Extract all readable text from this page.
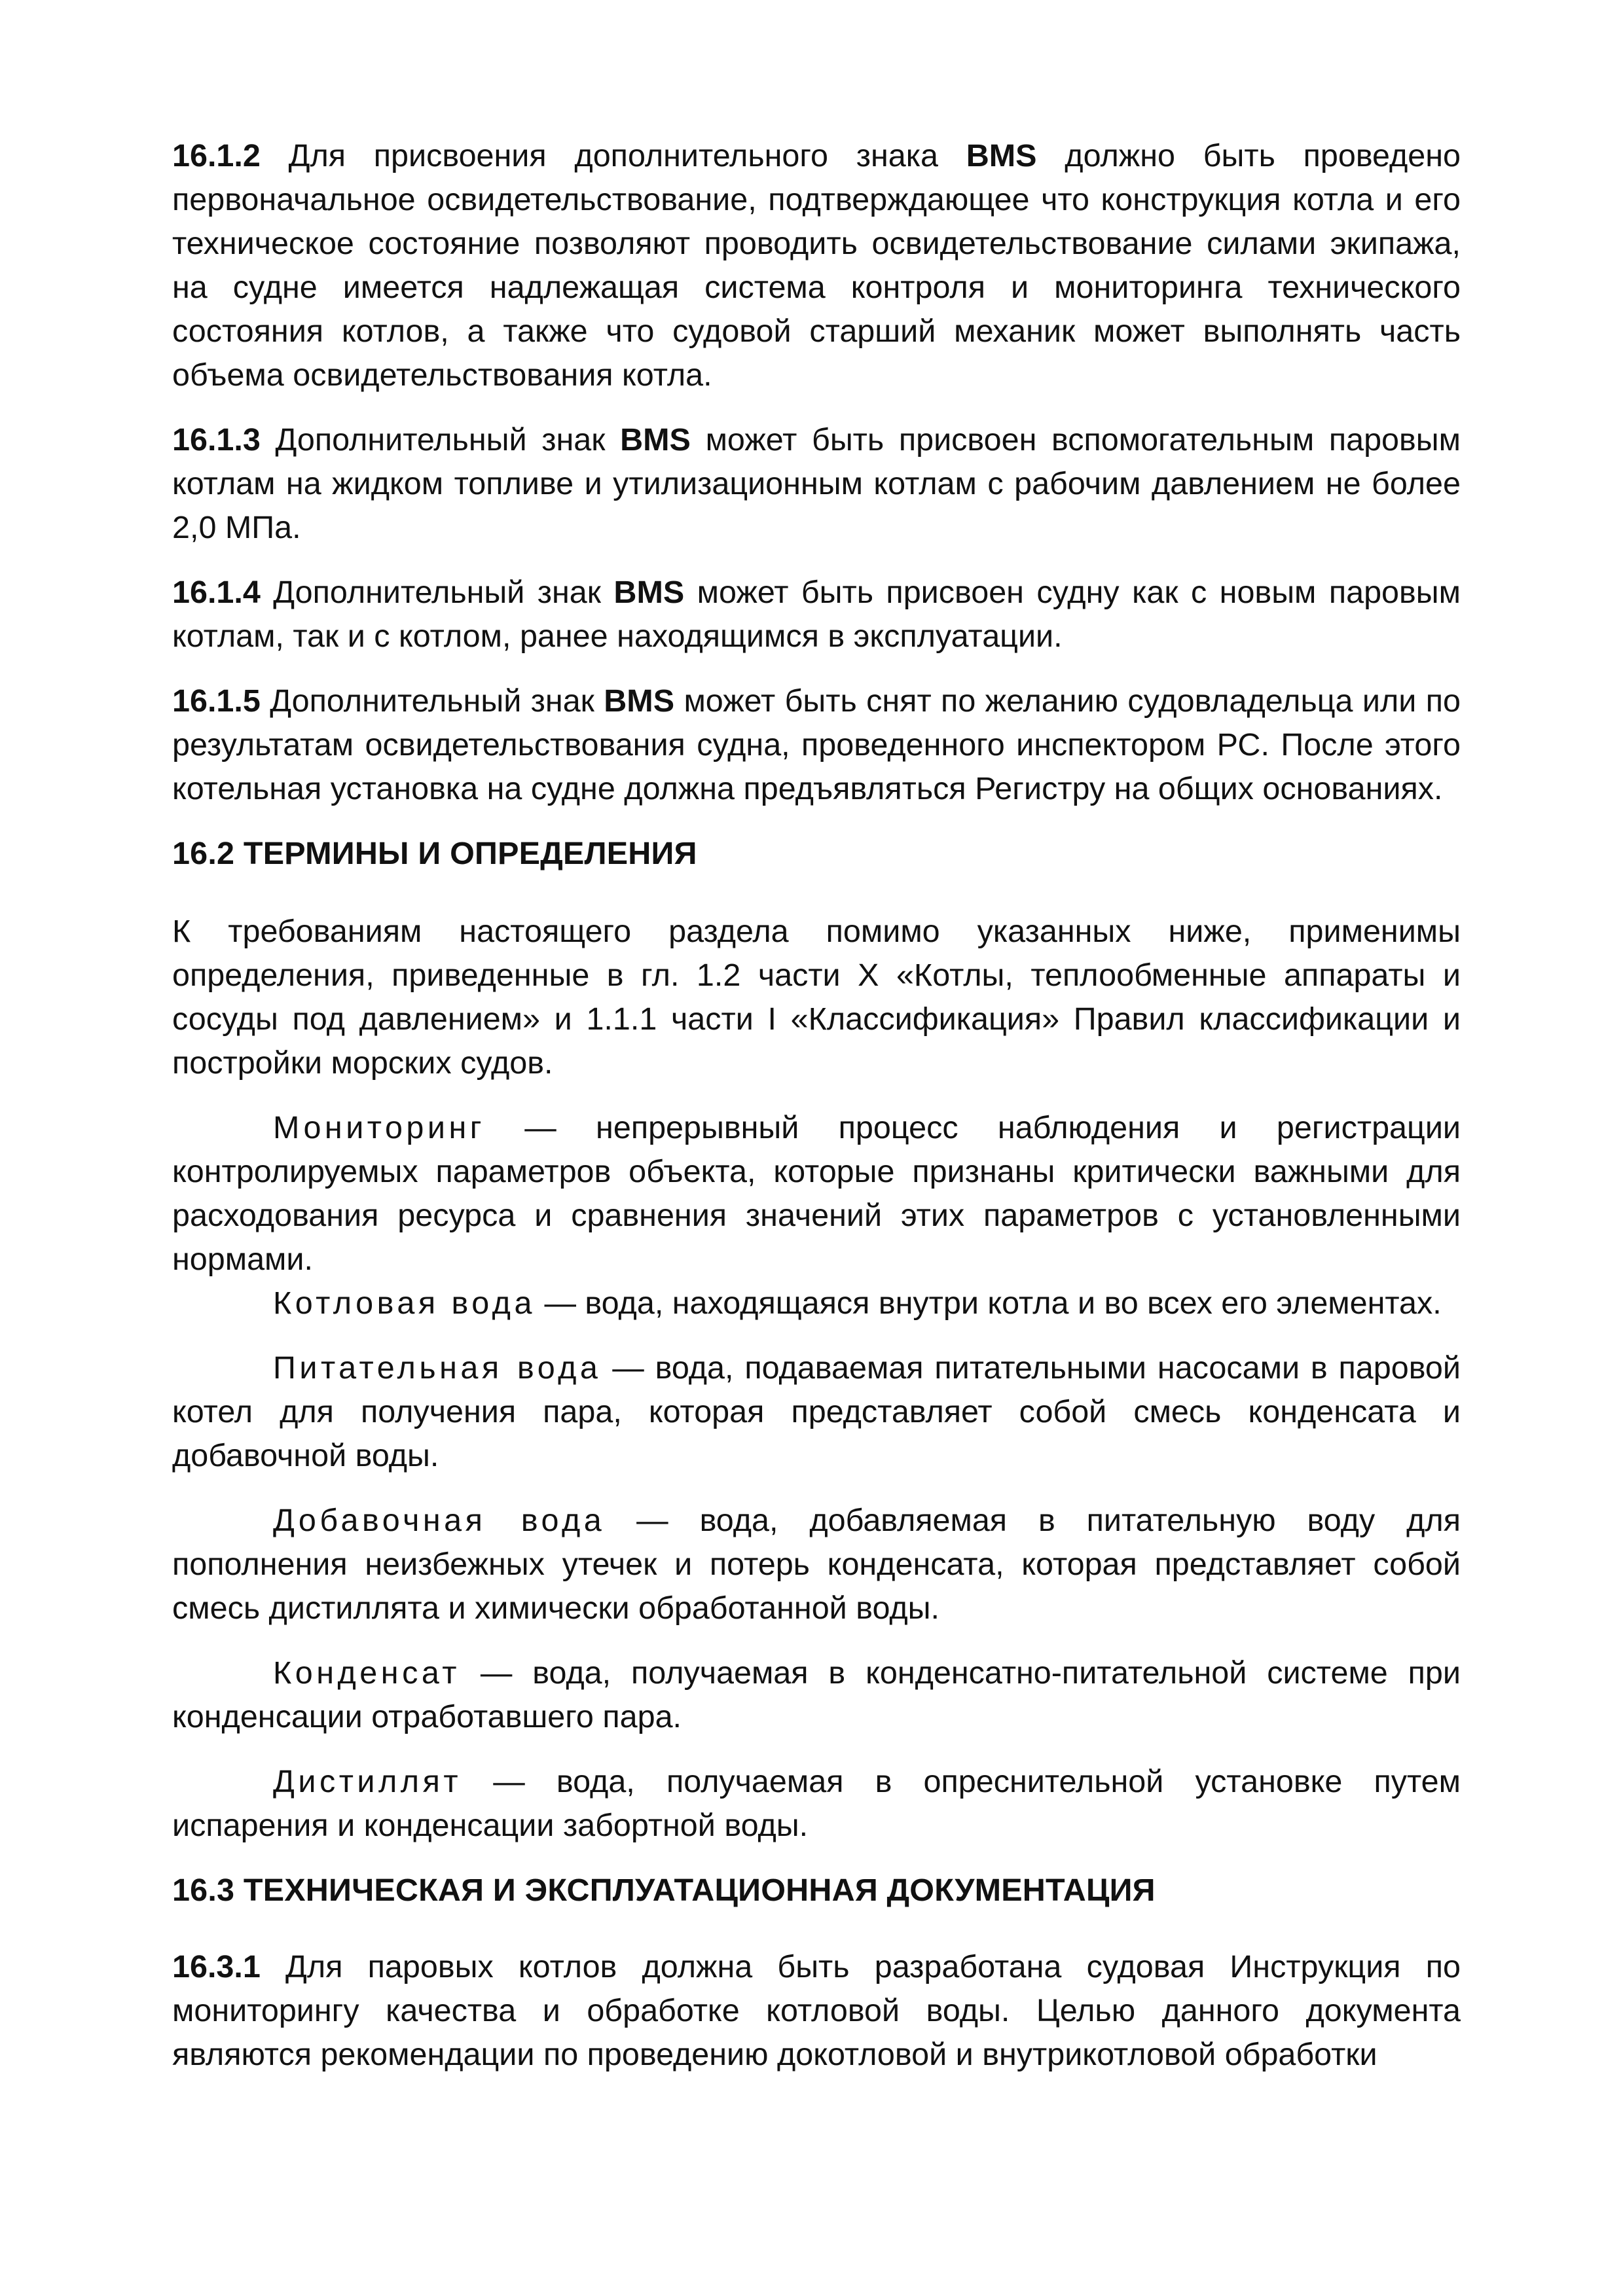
16.1.2 Для присвоения дополнительного знака BMS должно быть проведено первоначальное освидетельствование, подтверждающее что конструкция котла и его техническое состояние позволяют проводить освидетельствование силами экипажа, на судне имеется надлежащая система контроля и мониторинга технического состояния котлов, а также что судовой старший механик может выполнять часть объема освидетельствования котла.

16.1.3 Дополнительный знак BMS может быть присвоен вспомогательным паровым котлам на жидком топливе и утилизационным котлам с рабочим давлением не более 2,0 МПа.

16.1.4 Дополнительный знак BMS может быть присвоен судну как с новым паровым котлам, так и с котлом, ранее находящимся в эксплуатации.

16.1.5 Дополнительный знак BMS может быть снят по желанию судовладельца или по результатам освидетельствования судна, проведенного инспектором РС. После этого котельная установка на судне должна предъявляться Регистру на общих основаниях.

16.2 ТЕРМИНЫ И ОПРЕДЕЛЕНИЯ

К требованиям настоящего раздела помимо указанных ниже, применимы определения, приведенные в гл. 1.2 части X «Котлы, теплообменные аппараты и сосуды под давлением» и 1.1.1 части I «Классификация» Правил классификации и постройки морских судов.

Мониторинг — непрерывный процесс наблюдения и регистрации контролируемых параметров объекта, которые признаны критически важными для расходования ресурса и сравнения значений этих параметров с установленными нормами.

Котловая вода — вода, находящаяся внутри котла и во всех его элементах.

Питательная вода — вода, подаваемая питательными насосами в паровой котел для получения пара, которая представляет собой смесь конденсата и добавочной воды.

Добавочная вода — вода, добавляемая в питательную воду для пополнения неизбежных утечек и потерь конденсата, которая представляет собой смесь дистиллята и химически обработанной воды.

Конденсат — вода, получаемая в конденсатно-питательной системе при конденсации отработавшего пара.

Дистиллят — вода, получаемая в опреснительной установке путем испарения и конденсации забортной воды.

16.3 ТЕХНИЧЕСКАЯ И ЭКСПЛУАТАЦИОННАЯ ДОКУМЕНТАЦИЯ

16.3.1 Для паровых котлов должна быть разработана судовая Инструкция по мониторингу качества и обработке котловой воды. Целью данного документа являются рекомендации по проведению докотловой и внутрикотловой обработки
